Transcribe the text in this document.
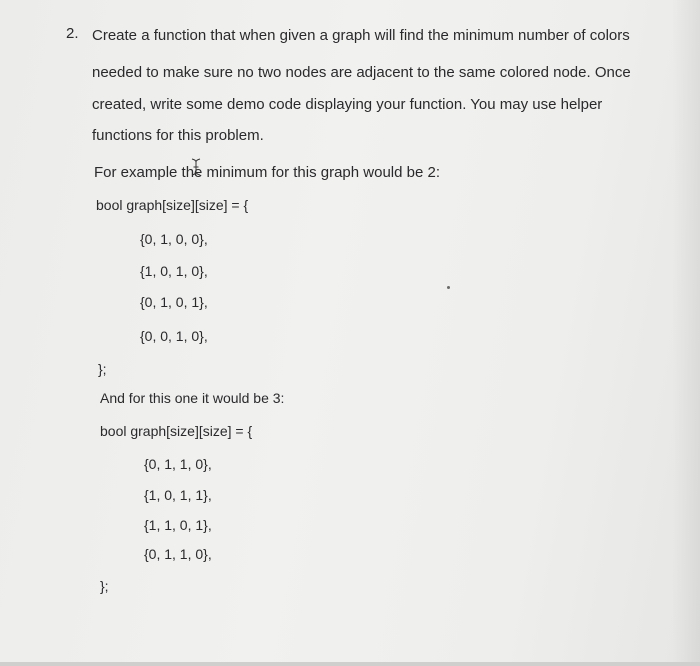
2. Create a function that when given a graph will find the minimum number of colors
needed to make sure no two nodes are adjacent to the same colored node. Once
created, write some demo code displaying your function. You may use helper
functions for this problem.
For example the minimum for this graph would be 2:
bool graph[size][size] = {
{0, 1, 0, 0},
{1, 0, 1, 0},
{0, 1, 0, 1},
{0, 0, 1, 0},
};
And for this one it would be 3:
bool graph[size][size] = {
{0, 1, 1, 0},
{1, 0, 1, 1},
{1, 1, 0, 1},
{0, 1, 1, 0},
};
